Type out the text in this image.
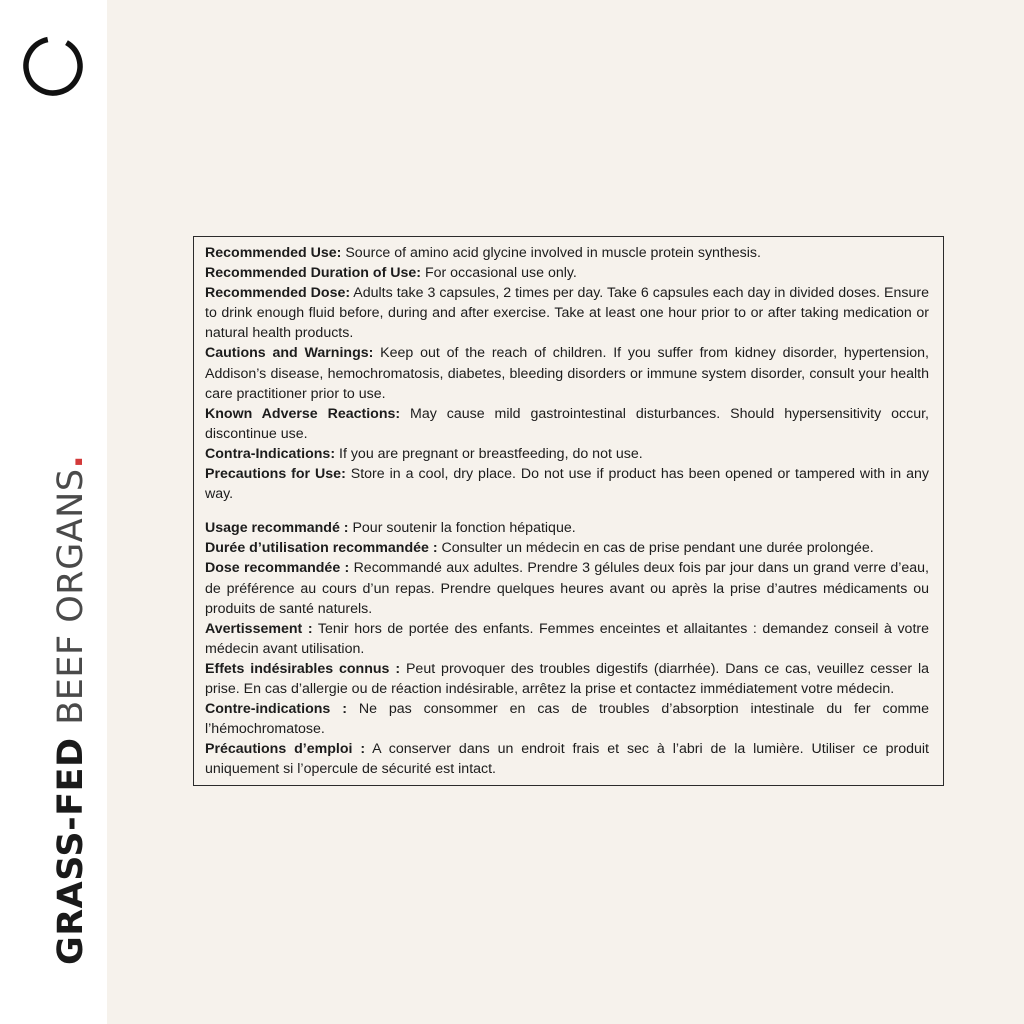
GRASS-FED BEEF ORGANS.

Recommended Use: Source of amino acid glycine involved in muscle protein synthesis.

Recommended Duration of Use: For occasional use only.

Recommended Dose: Adults take 3 capsules, 2 times per day. Take 6 capsules each day in divided doses. Ensure to drink enough fluid before, during and after exercise. Take at least one hour prior to or after taking medication or natural health products.

Cautions and Warnings: Keep out of the reach of children. If you suffer from kidney disorder, hypertension, Addison’s disease, hemochromatosis, diabetes, bleeding disorders or immune system disorder, consult your health care practitioner prior to use.

Known Adverse Reactions: May cause mild gastrointestinal disturbances. Should hypersensitivity occur, discontinue use.

Contra-Indications: If you are pregnant or breastfeeding, do not use.

Precautions for Use: Store in a cool, dry place. Do not use if product has been opened or tampered with in any way.

Usage recommandé : Pour soutenir la fonction hépatique.

Durée d’utilisation recommandée : Consulter un médecin en cas de prise pendant une durée prolongée.

Dose recommandée : Recommandé aux adultes. Prendre 3 gélules deux fois par jour dans un grand verre d’eau, de préférence au cours d’un repas. Prendre quelques heures avant ou après la prise d’autres médicaments ou produits de santé naturels.

Avertissement : Tenir hors de portée des enfants. Femmes enceintes et allaitantes : demandez conseil à votre médecin avant utilisation.

Effets indésirables connus : Peut provoquer des troubles digestifs (diarrhée). Dans ce cas, veuillez cesser la prise. En cas d’allergie ou de réaction indésirable, arrêtez la prise et contactez immédiatement votre médecin.

Contre-indications : Ne pas consommer en cas de troubles d’absorption intestinale du fer comme l’hémochromatose.

Précautions d’emploi : A conserver dans un endroit frais et sec à l’abri de la lumière. Utiliser ce produit uniquement si l’opercule de sécurité est intact.
